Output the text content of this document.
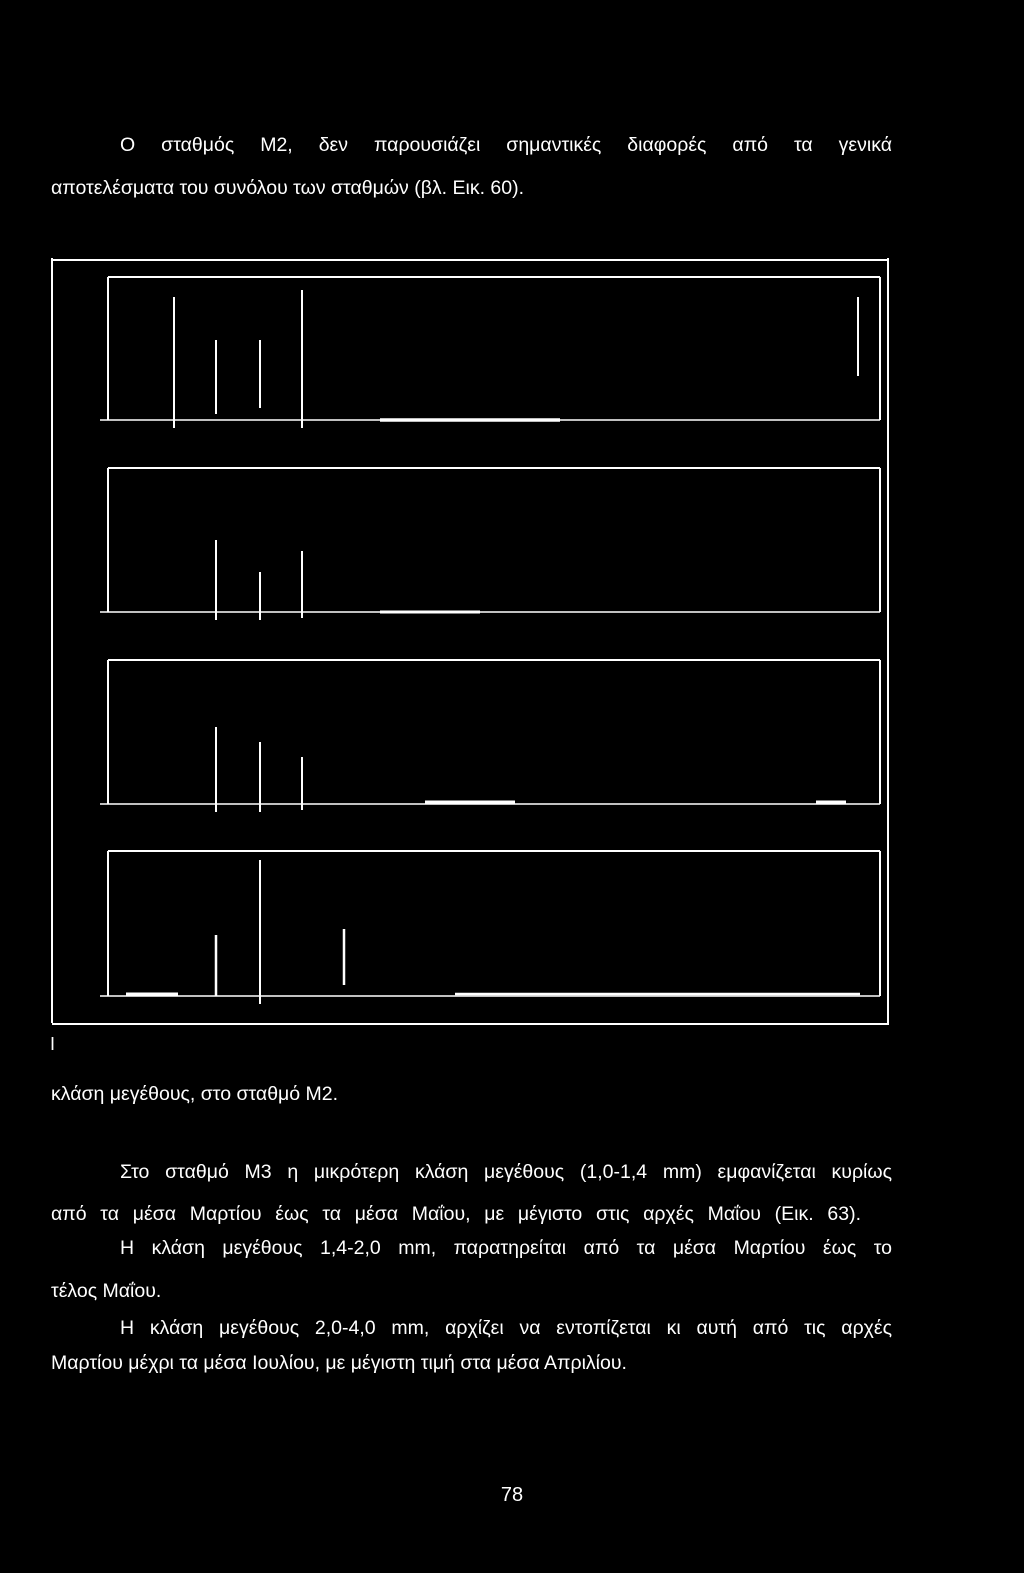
Ο σταθμός Μ2, δεν παρουσιάζει σημαντικές διαφορές από τα γενικά

αποτελέσματα του συνόλου των σταθμών (βλ. Εικ. 60).

I

κλάση μεγέθους, στο σταθμό Μ2.

Στο σταθμό Μ3 η μικρότερη κλάση μεγέθους (1,0-1,4 mm) εμφανίζεται κυρίως

από τα μέσα Μαρτίου έως τα μέσα Μαΐου, με μέγιστο στις αρχές Μαΐου (Εικ. 63).

Η κλάση μεγέθους 1,4-2,0 mm, παρατηρείται από τα μέσα Μαρτίου έως το

τέλος Μαΐου.

Η κλάση μεγέθους 2,0-4,0 mm, αρχίζει να εντοπίζεται κι αυτή από τις αρχές

Μαρτίου μέχρι τα μέσα Ιουλίου, με μέγιστη τιμή στα μέσα Απριλίου.

78
